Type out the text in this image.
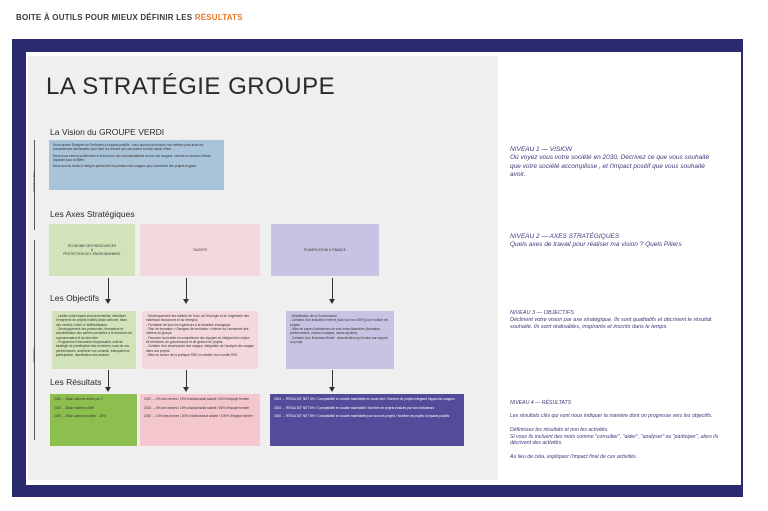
BOITE À OUTILS POUR MIEUX DÉFINIR LES RÉSULTATS
LA STRATÉGIE GROUPE
TRANSVERSE
CONCRET
La Vision du GROUPE VERDI

Nous serons Designer de Territoires à Impacts positifs : nous aurons fait évoluer nos métiers pour avoir les compétences nécessaires pour faire les choses qui concourent à notre raison d'être.

Nous nous serons positionnés à la fois pour nos commanditaires et pour les usagers, comme un bureau d'étude inspirant pour la filière.

Nous aurons réussi à intégrer pleinement la question des usagers pour construire des projets frugaux.

Les Axes Stratégiques
ÉCONOMIE DES RESSOURCES
&
PROTECTION DE L'ENVIRONNEMENT
TALENTS	PLANIFICATION & FINANCE
Les Objectifs
- Limiter notre impact environnemental, minimiser l'empreinte de projets inutiles (bilan carbone, bilan des ventes), éviter à l'artificialisation.
- Développement des personnels, formations et sensibilisation des parties prenantes à la réduction de consommation et au bien-être.
- Programme d'innovation responsable, outil de stratégie de planification des territoires, suivi de vos performances, améliorer nos conseils, transparence, participation, labellisation des acteurs.
- Développement des métiers de l'eau, de l'écologie et de l'ingénierie des matériaux biosourcés et du réemploi.
- Formation de tous les ingénieurs à la transition écologique.
- Plan de formation « Designer de territoires » interne sur l'ensemble des métiers du groupe.
- Favoriser la montée en compétence des équipes en intégrant les enjeux de territoires, de gouvernance et de gestion de projets.
- Création d'un observatoire des usages, intégration de l'analyse des usages dans nos projets.
- Mise en œuvre de la politique RSE en relation d'un comité RSE.
- Modification de la Gouvernance.
- Création d'un indicateur interne (suivi sur nos OKR) pour évaluer les projets.
- Mise en place d'indicateurs de suivi extra-financiers (formation, performances, niveau d'usages, valeur ajoutée).
- Création d'un Business Model : rémunération qui évolue par rapport au projet.
Les Résultats
2030 → Bilan carbone divisé par 2

2030 → Bilan matière positif

2030 → Bilan carbone projets : -50%
2024 → 2% des heures / 10% d'actionnariat salarié / 60% d'équipe formée

2026 → 5% des heures / 15% d'actionnariat salarié / 80% d'équipe formée

2030 → 10% des heures / 20% d'actionnariat salarié / 100% d'équipe formée
2024 → RÉSULTAT NET 3% / Comptabilité en double matérialité en mode test / Nombre de projets intégrant l'approche usagers

2026 → RÉSULTAT NET 5% / Comptabilité en double matérialité / Nombre de projets évalués par nos indicateurs

2030 → RÉSULTAT NET 8% / Comptabilité en double matérialité pour tous les projets / Nombre de projets à impacts positifs
NIVEAU 1 — VISION
Où voyez vous votre société en 2030. Décrivez ce que vous souhaité que votre société accomplisse , et l'impact positif que vous souhaité avoir.
NIVEAU 2 — AXES STRATÉGIQUES
Quels axes de travail pour réaliser ma vision ? Quels Piliers
NIVEAU 3 — OBJECTIFS
Déclinent votre vision par axe stratégique. Ils sont qualitatifs et décrivent le résultat souhaité. Ils sont réalisables, inspirants et inscrits dans le temps.

NIVEAU 4 — RÉSULTATS

Les résultats clés qui vont nous indiquer la manière dont on progresse vers les objectifs.

Définissez les résultats et non les activités.
Si vous ils incluent des mots comme "consulter", "aider", "analyser" ou "participer", alors ils décrivent des activités.

Au lieu de cela, expliquez l'impact final de ces activités.
